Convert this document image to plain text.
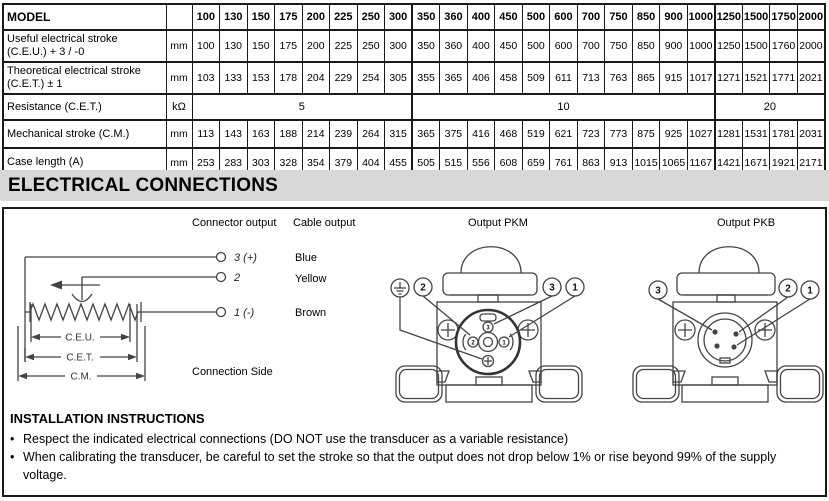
MODEL		100	130	150	175	200	225	250	300	350	360	400	450	500	600	700	750	850	900	1000	1250	1500	1750	2000

Useful electrical stroke
(C.E.U.) + 3 / -0	mm	100	130	150	175	200	225	250	300	350	360	400	450	500	600	700	750	850	900	1000	1250	1500	1760	2000

Theoretical electrical stroke
(C.E.T.) ± 1	mm	103	133	153	178	204	229	254	305	355	365	406	458	509	611	713	763	865	915	1017	1271	1521	1771	2021

Resistance (C.E.T.)	kΩ	5								10											20			

Mechanical stroke (C.M.)	mm	113	143	163	188	214	239	264	315	365	375	416	468	519	621	723	773	875	925	1027	1281	1531	1781	2031

Case length (A)	mm	253	283	303	328	354	379	404	455	505	515	556	608	659	761	863	913	1015	1065	1167	1421	1671	1921	2171
ELECTRICAL CONNECTIONS
Connector output Cable output	Output PKM	Output PKB
Blue
Yellow
Brown
Connection Side
3 (+)
2
1 (-)
C.E.U.
C.E.T.
C.M.
3
2	1
2	3 1	3	2 1
INSTALLATION INSTRUCTIONS
• Respect the indicated electrical connections (DO NOT use the transducer as a variable resistance)
• When calibrating the transducer, be careful to set the stroke so that the output does not drop below 1% or rise beyond 99% of the supply voltage.
